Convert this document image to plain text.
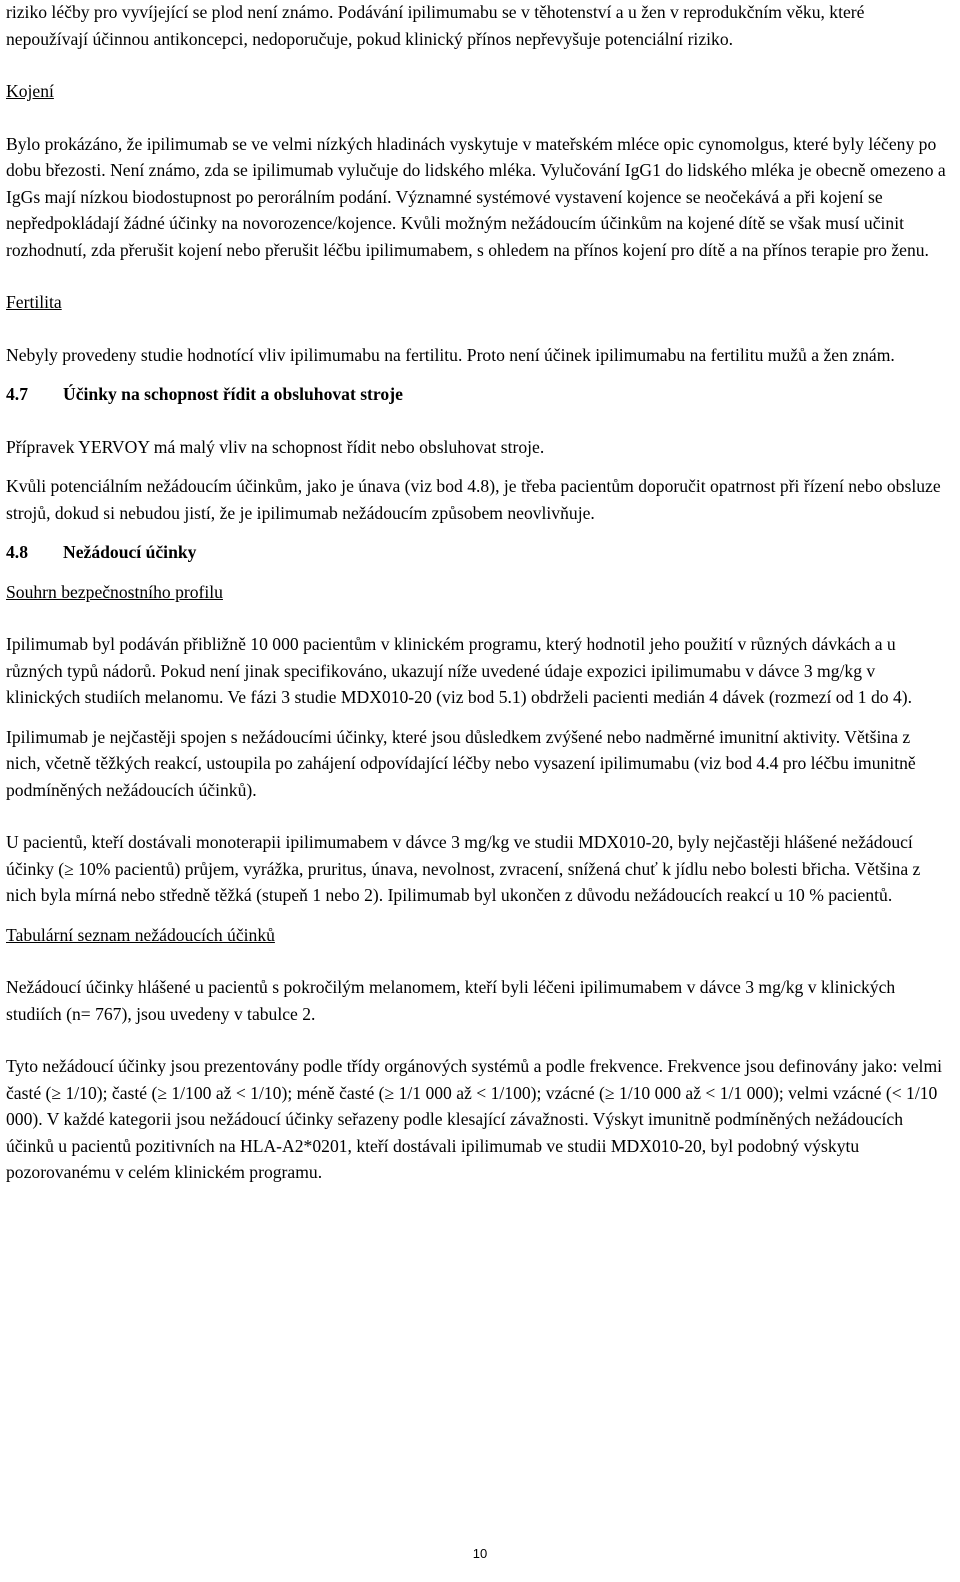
riziko léčby pro vyvíjející se plod není známo. Podávání ipilimumabu se v těhotenství a u žen v reprodukčním věku, které nepoužívají účinnou antikoncepci, nedoporučuje, pokud klinický přínos nepřevyšuje potenciální riziko.

Kojení

Bylo prokázáno, že ipilimumab se ve velmi nízkých hladinách vyskytuje v mateřském mléce opic cynomolgus, které byly léčeny po dobu březosti. Není známo, zda se ipilimumab vylučuje do lidského mléka. Vylučování IgG1 do lidského mléka je obecně omezeno a IgGs mají nízkou biodostupnost po perorálním podání. Významné systémové vystavení kojence se neočekává a při kojení se nepředpokládají žádné účinky na novorozence/kojence. Kvůli možným nežádoucím účinkům na kojené dítě se však musí učinit rozhodnutí, zda přerušit kojení nebo přerušit léčbu ipilimumabem, s ohledem na přínos kojení pro dítě a na přínos terapie pro ženu.

Fertilita

Nebyly provedeny studie hodnotící vliv ipilimumabu na fertilitu. Proto není účinek ipilimumabu na fertilitu mužů a žen znám.

4.7	Účinky na schopnost řídit a obsluhovat stroje

Přípravek YERVOY má malý vliv na schopnost řídit nebo obsluhovat stroje.

Kvůli potenciálním nežádoucím účinkům, jako je únava (viz bod 4.8), je třeba pacientům doporučit opatrnost při řízení nebo obsluze strojů, dokud si nebudou jistí, že je ipilimumab nežádoucím způsobem neovlivňuje.

4.8	Nežádoucí účinky

Souhrn bezpečnostního profilu

Ipilimumab byl podáván přibližně 10 000 pacientům v klinickém programu, který hodnotil jeho použití v různých dávkách a u různých typů nádorů. Pokud není jinak specifikováno, ukazují níže uvedené údaje expozici ipilimumabu v dávce 3 mg/kg v klinických studiích melanomu. Ve fázi 3 studie MDX010-20 (viz bod 5.1) obdrželi pacienti medián 4 dávek (rozmezí od 1 do 4).

Ipilimumab je nejčastěji spojen s nežádoucími účinky, které jsou důsledkem zvýšené nebo nadměrné imunitní aktivity. Většina z nich, včetně těžkých reakcí, ustoupila po zahájení odpovídající léčby nebo vysazení ipilimumabu (viz bod 4.4 pro léčbu imunitně podmíněných nežádoucích účinků).

U pacientů, kteří dostávali monoterapii ipilimumabem v dávce 3 mg/kg ve studii MDX010-20, byly nejčastěji hlášené nežádoucí účinky (≥ 10% pacientů) průjem, vyrážka, pruritus, únava, nevolnost, zvracení, snížená chuť k jídlu nebo bolesti břicha. Většina z nich byla mírná nebo středně těžká (stupeň 1 nebo 2). Ipilimumab byl ukončen z důvodu nežádoucích reakcí u 10 % pacientů.

Tabulární seznam nežádoucích účinků

Nežádoucí účinky hlášené u pacientů s pokročilým melanomem, kteří byli léčeni ipilimumabem v dávce 3 mg/kg v klinických studiích (n= 767), jsou uvedeny v tabulce 2.

Tyto nežádoucí účinky jsou prezentovány podle třídy orgánových systémů a podle frekvence. Frekvence jsou definovány jako: velmi časté (≥ 1/10); časté (≥ 1/100 až < 1/10); méně časté (≥ 1/1 000 až < 1/100); vzácné (≥ 1/10 000 až < 1/1 000); velmi vzácné (< 1/10 000). V každé kategorii jsou nežádoucí účinky seřazeny podle klesající závažnosti. Výskyt imunitně podmíněných nežádoucích účinků u pacientů pozitivních na HLA-A2*0201, kteří dostávali ipilimumab ve studii MDX010-20, byl podobný výskytu pozorovanému v celém klinickém programu.

10
